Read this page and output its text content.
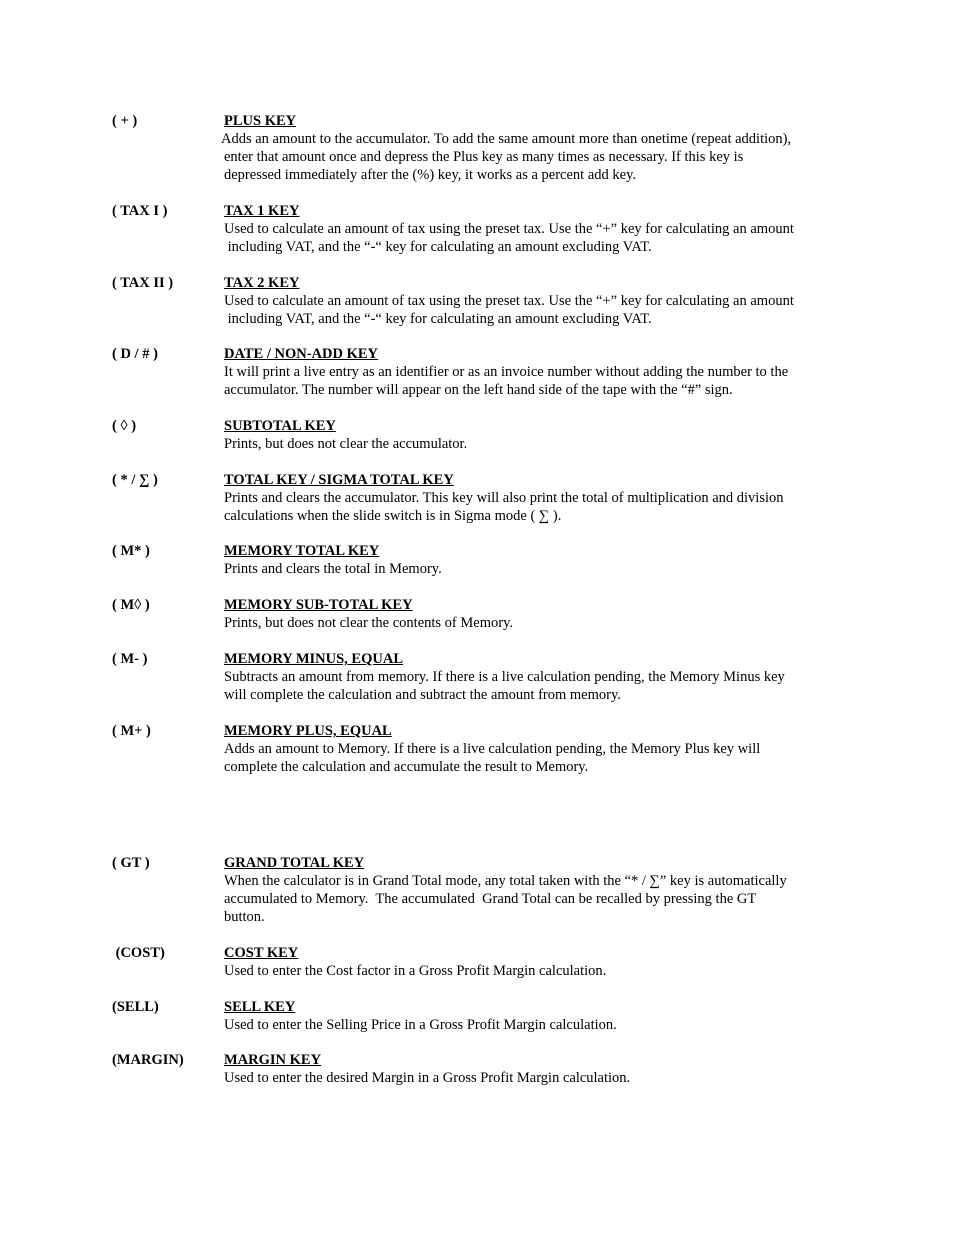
( + )	PLUS KEY
Adds an amount to the accumulator. To add the same amount more than onetime (repeat addition),
enter that amount once and depress the Plus key as many times as necessary. If this key is
depressed immediately after the (%) key, it works as a percent add key.
( TAX I )	TAX 1 KEY
Used to calculate an amount of tax using the preset tax. Use the “+” key for calculating an amount
including VAT, and the “-“ key for calculating an amount excluding VAT.
( TAX II )	TAX 2 KEY
Used to calculate an amount of tax using the preset tax. Use the “+” key for calculating an amount
including VAT, and the “-“ key for calculating an amount excluding VAT.
( D / # )	DATE / NON-ADD KEY
It will print a live entry as an identifier or as an invoice number without adding the number to the
accumulator. The number will appear on the left hand side of the tape with the “#” sign.
( ◊ )	SUBTOTAL KEY
Prints, but does not clear the accumulator.
( * / ∑ )	TOTAL KEY / SIGMA TOTAL KEY
Prints and clears the accumulator. This key will also print the total of multiplication and division
calculations when the slide switch is in Sigma mode ( ∑ ).
( M* )	MEMORY TOTAL KEY
Prints and clears the total in Memory.
( M◊ )	MEMORY SUB-TOTAL KEY
Prints, but does not clear the contents of Memory.
( M- )	MEMORY MINUS, EQUAL
Subtracts an amount from memory. If there is a live calculation pending, the Memory Minus key
will complete the calculation and subtract the amount from memory.
( M+ )	MEMORY PLUS, EQUAL
Adds an amount to Memory. If there is a live calculation pending, the Memory Plus key will
complete the calculation and accumulate the result to Memory.
( GT )	GRAND TOTAL KEY
When the calculator is in Grand Total mode, any total taken with the “* / ∑” key is automatically
accumulated to Memory.  The accumulated  Grand Total can be recalled by pressing the GT
button.
(COST)	COST KEY
Used to enter the Cost factor in a Gross Profit Margin calculation.
(SELL)	SELL KEY
Used to enter the Selling Price in a Gross Profit Margin calculation.
(MARGIN)	MARGIN KEY
Used to enter the desired Margin in a Gross Profit Margin calculation.
